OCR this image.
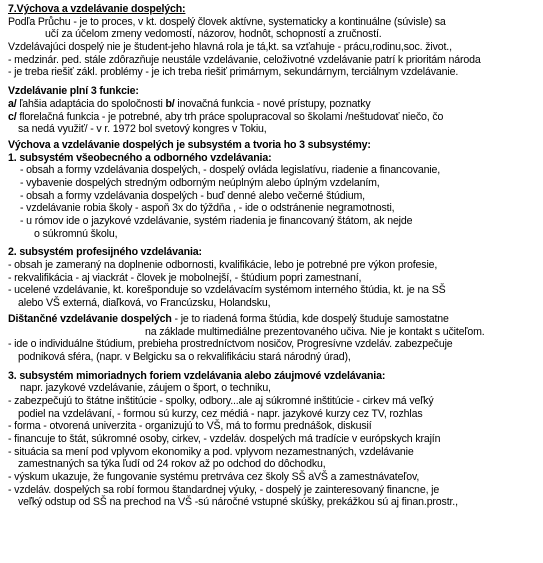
7.Výchova a vzdelávanie dospelých:
Podľa Průchu - je to proces, v kt. dospelý človek aktívne, systematicky a kontinuálne (súvisle) sa
učí za účelom zmeny vedomostí, názorov, hodnôt, schopností a zručností.
Vzdelávajúci dospelý nie je študent-jeho hlavná rola je tá,kt. sa vzťahuje - prácu,rodinu,soc. život.,
- medzinár. ped. stále zdôrazňuje neustále vzdelávanie, celoživotné vzdelávanie patrí k prioritám národa
- je treba riešiť zákl. problémy - je ich treba riešiť primárnym, sekundárnym, terciálnym vzdelávanie.
Vzdelávanie plní 3 funkcie:
a/ ľahšia adaptácia do spoločnosti b/ inovačná funkcia - nové prístupy, poznatky
c/ florelačná funkcia - je potrebné, aby trh práce spolupracoval so školami /neštudovať niečo, čo
sa nedá využiť/ - v r. 1972 bol svetový kongres v Tokiu,
Výchova a vzdelávanie dospelých je subsystém a tvoria ho 3 subsystémy:
1. subsystém všeobecného a odborného vzdelávania:
- obsah a formy vzdelávania dospelých, - dospelý ovláda legislatívu, riadenie a financovanie,
- vybavenie dospelých stredným odborným neúplným alebo úplným vzdelaním,
- obsah a formy vzdelávania dospelých - buď denné alebo večerné štúdium,
- vzdelávanie robia školy - aspoň 3x do týždňa , - ide o odstránenie negramotnosti,
- u rómov ide o jazykové vzdelávanie, systém riadenia je financovaný štátom, ak nejde
o súkromnú školu,
2. subsystém profesijného vzdelávania:
- obsah je zameraný na doplnenie odbornosti, kvalifikácie, lebo je potrebné pre výkon profesie,
- rekvalifikácia - aj viackrát - človek je mobolnejší, - štúdium popri zamestnaní,
- ucelené vzdelávanie, kt. korešponduje so vzdelávacím systémom interného štúdia, kt. je na SŠ
alebo VŠ externá, diaľková, vo Francúzsku, Holandsku,
Dištančné vzdelávanie dospelých - je to riadená forma štúdia, kde dospelý študuje samostatne
na základe multimediálne prezentovaného učiva. Nie je kontakt s učiteľom.
- ide o individuálne štúdium, prebieha prostredníctvom nosičov, Progresívne vzdeláv. zabezpečuje
podniková sféra, (napr. v Belgicku sa o rekvalifikáciu stará národný úrad),
3. subsystém mimoriadnych foriem vzdelávania alebo záujmové vzdelávania:
napr. jazykové vzdelávanie, záujem o šport, o techniku,
- zabezpečujú to štátne inštitúcie - spolky, odbory...ale aj súkromné inštitúcie - cirkev má veľký
podiel na vzdelávaní, - formou sú kurzy, cez médiá - napr. jazykové kurzy cez TV, rozhlas
- forma - otvorená univerzita - organizujú to VŠ, má to formu prednášok, diskusií
- financuje to štát, súkromné osoby, cirkev, - vzdeláv. dospelých má tradície v európskych krajín
- situácia sa mení pod vplyvom ekonomiky a pod. vplyvom nezamestnaných, vzdelávanie
zamestnaných sa týka ľudí od 24 rokov až po odchod do dôchodku,
- výskum ukazuje, že fungovanie systému pretrváva cez školy SŠ aVŠ a zamestnávateľov,
- vzdeláv. dospelých sa robí formou štandardnej výuky, - dospelý je zainteresovaný financne, je
veľký odstup od SŠ na prechod na VŠ -sú náročné vstupné skúšky, prekážkou sú aj finan.prostr.,
